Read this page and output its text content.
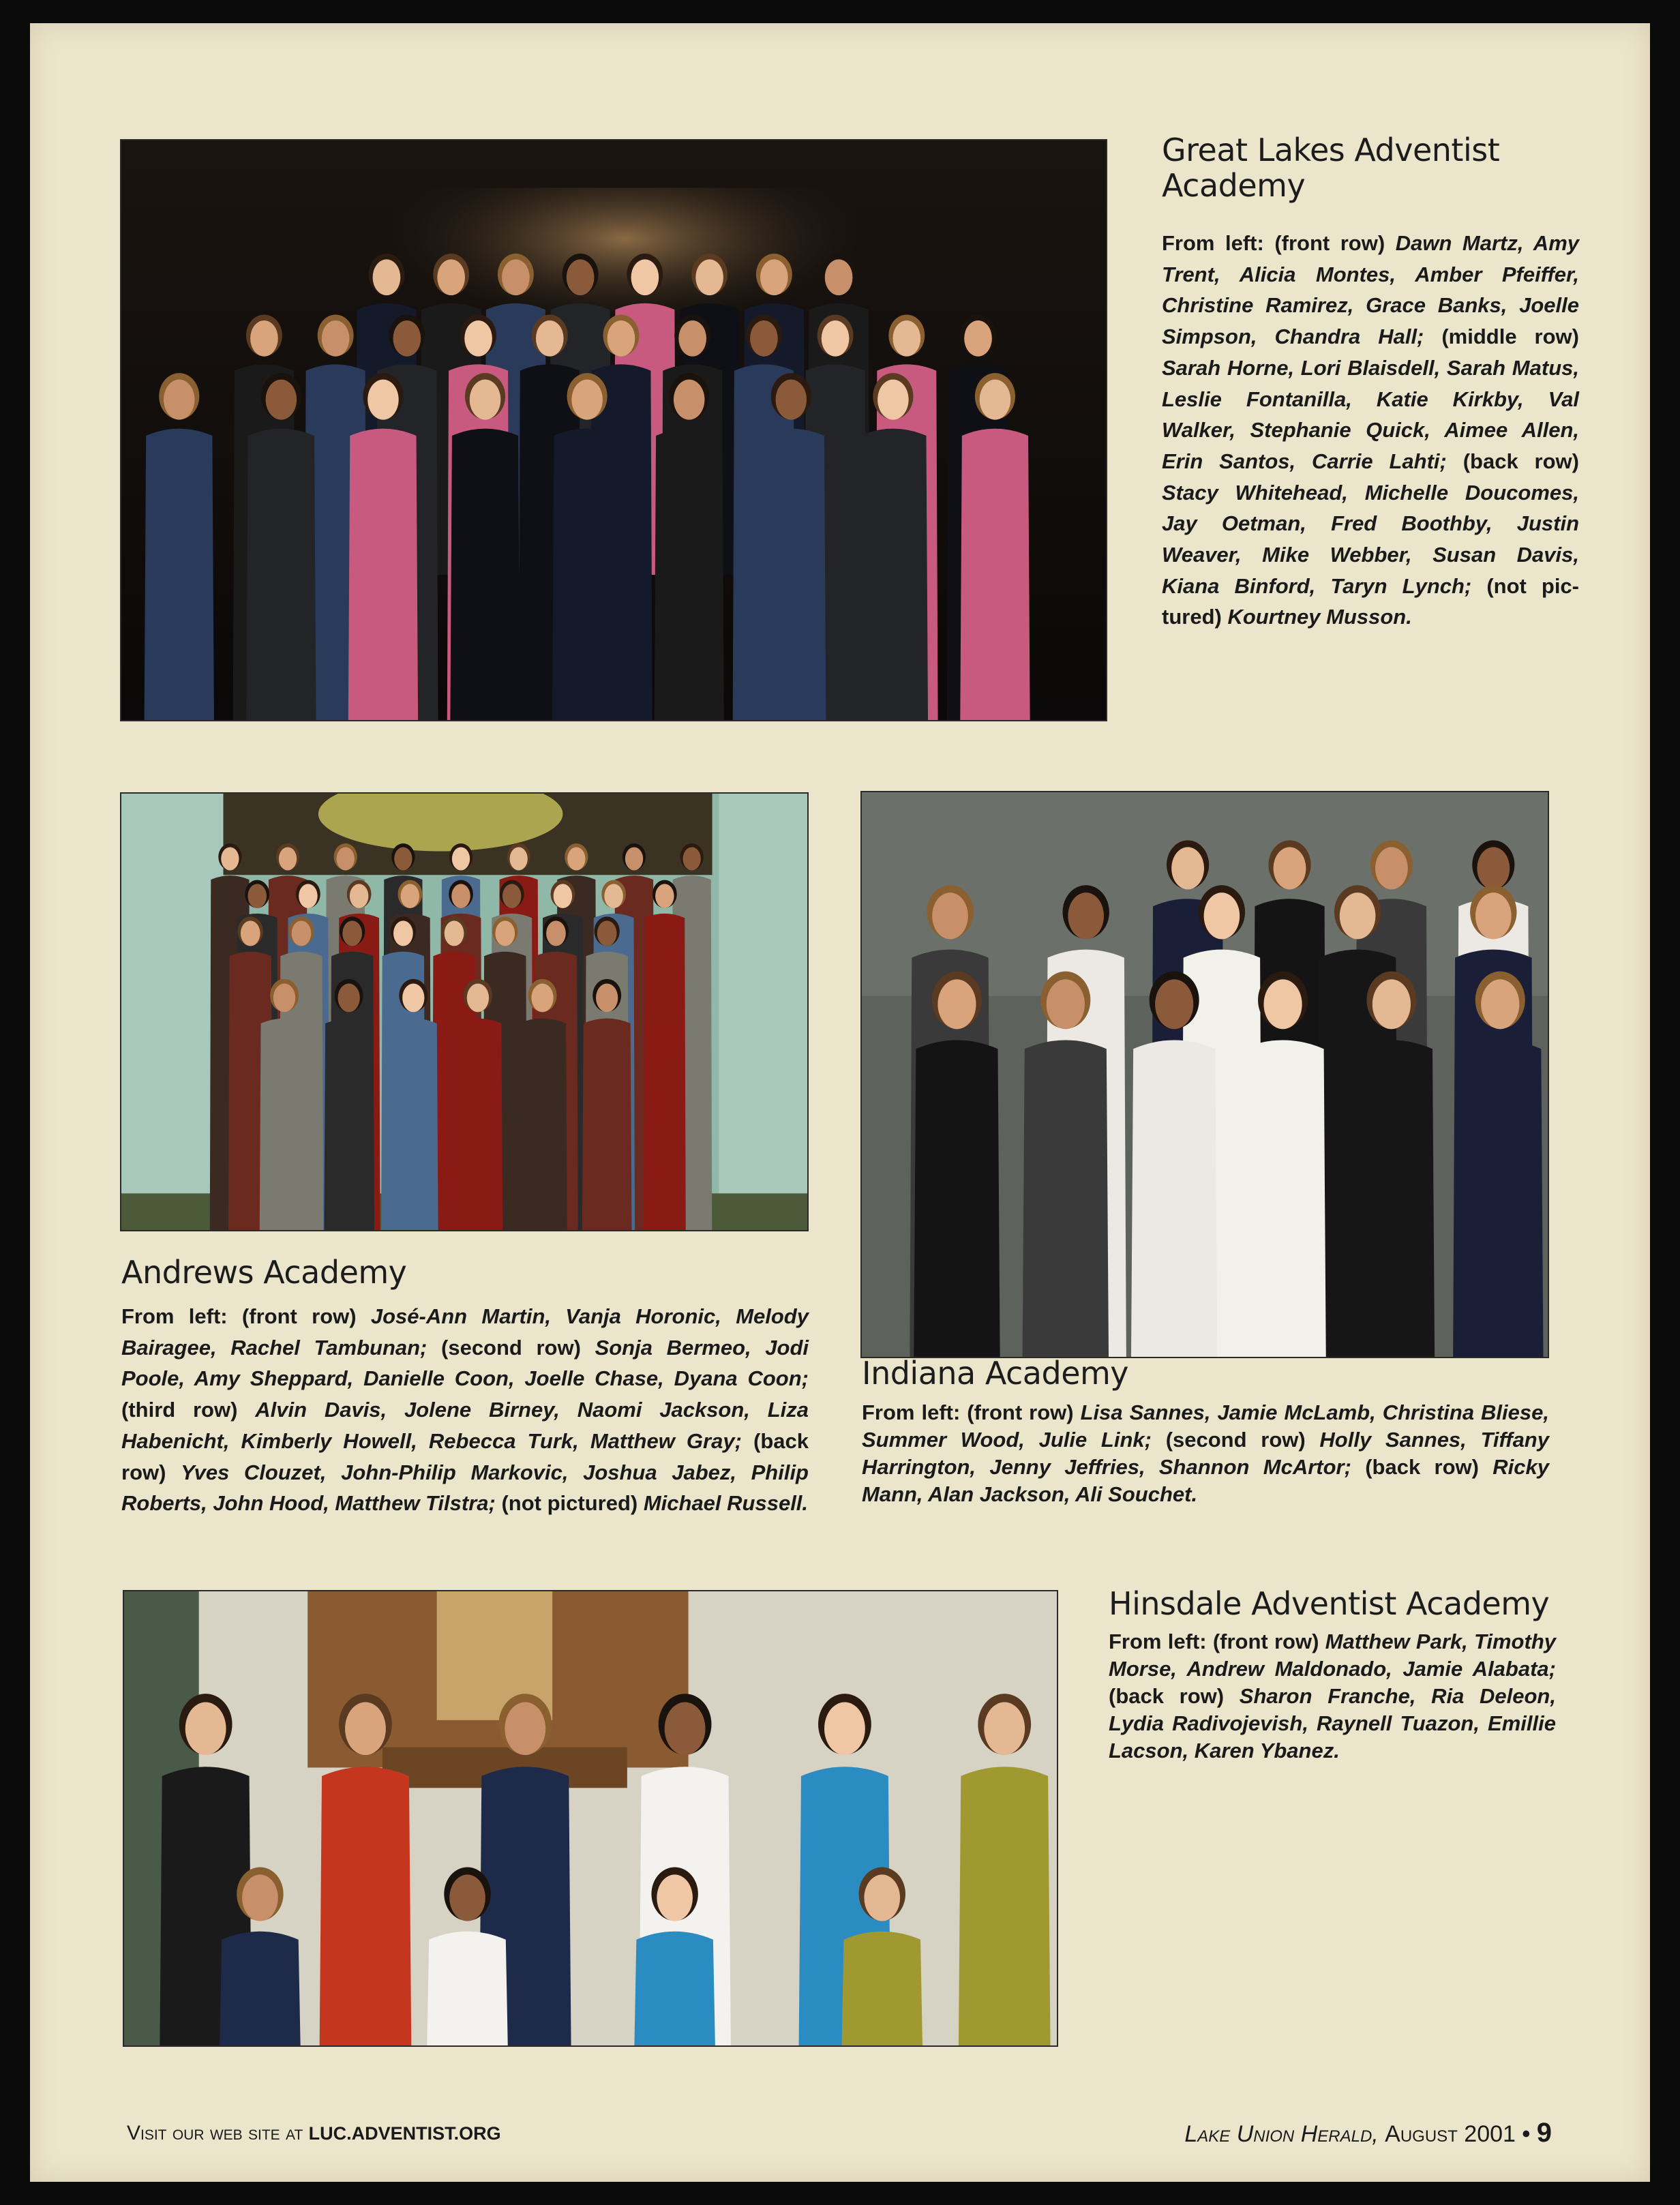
Great Lakes Adventist Academy

From left: (front row) Dawn Martz, Amy Trent, Alicia Montes, Amber Pfeiffer, Christine Ramirez, Grace Banks, Joelle Simpson, Chandra Hall; (middle row) Sarah Horne, Lori Blaisdell, Sarah Matus, Leslie Fontanilla, Katie Kirkby, Val Walker, Stephanie Quick, Aimee Allen, Erin Santos, Carrie Lahti; (back row) Stacy Whitehead, Michelle Doucomes, Jay Oetman, Fred Boothby, Justin Weaver, Mike Webber, Susan Davis, Kiana Binford, Taryn Lynch; (not pic-tured) Kourtney Musson.

Andrews Academy

From left: (front row) José-Ann Martin, Vanja Horonic, Melody Bairagee, Rachel Tambunan; (second row) Sonja Bermeo, Jodi Poole, Amy Sheppard, Danielle Coon, Joelle Chase, Dyana Coon; (third row) Alvin Davis, Jolene Birney, Naomi Jackson, Liza Habenicht, Kimberly Howell, Rebecca Turk, Matthew Gray; (back row) Yves Clouzet, John-Philip Markovic, Joshua Jabez, Philip Roberts, John Hood, Matthew Tilstra; (not pictured) Michael Russell.

Indiana Academy

From left: (front row) Lisa Sannes, Jamie McLamb, Christina Bliese, Summer Wood, Julie Link; (second row) Holly Sannes, Tiffany Harrington, Jenny Jeffries, Shannon McArtor; (back row) Ricky Mann, Alan Jackson, Ali Souchet.

Hinsdale Adventist Academy

From left: (front row) Matthew Park, Timothy Morse, Andrew Maldonado, Jamie Alabata; (back row) Sharon Franche, Ria Deleon, Lydia Radivojevish, Raynell Tuazon, Emillie Lacson, Karen Ybanez.

Visit our web site at LUC.ADVENTIST.ORG	Lake Union Herald, August 2001 • 9
